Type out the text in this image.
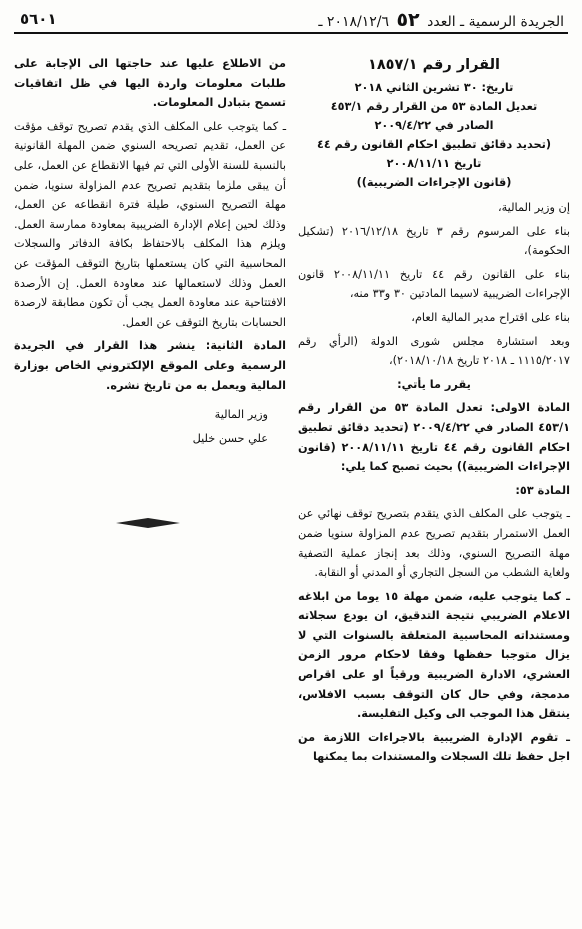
٥٦٠١	الجريدة الرسمية ـ العدد ٥٢ ٢٠١٨/١٢/٦ ـ
القرار رقم ١٨٥٧/١
تاريخ: ٣٠ تشرين الثاني ٢٠١٨
تعديل المادة ٥٣ من القرار رقم ٤٥٣/١
الصادر في ٢٠٠٩/٤/٢٢
(تحديد دقائق تطبيق احكام القانون رقم ٤٤
تاريخ ٢٠٠٨/١١/١١
(قانون الإجراءات الضريبية))

إن وزير المالية،

بناء على المرسوم رقم ٣ تاريخ ٢٠١٦/١٢/١٨ (تشكيل الحكومة)،

بناء على القانون رقم ٤٤ تاريخ ٢٠٠٨/١١/١١ قانون الإجراءات الضريبية لاسيما المادتين ٣٠ و٣٣ منه،

بناء على اقتراح مدير المالية العام،

وبعد استشارة مجلس شورى الدولة (الرأي رقم ١١١٥/٢٠١٧ ـ ٢٠١٨ تاريخ ٢٠١٨/١٠/١٨)،

يقرر ما يأتي:

المادة الاولى: تعدل المادة ٥٣ من القرار رقم ٤٥٣/١ الصادر في ٢٠٠٩/٤/٢٢ (تحديد دقائق تطبيق احكام القانون رقم ٤٤ تاريخ ٢٠٠٨/١١/١١ (قانون الإجراءات الضريبية)) بحيث تصبح كما يلي:

المادة ٥٣:

ـ يتوجب على المكلف الذي يتقدم بتصريح توقف نهائي عن العمل الاستمرار بتقديم تصريح عدم المزاولة سنويا ضمن مهلة التصريح السنوي، وذلك بعد إنجاز عملية التصفية ولغاية الشطب من السجل التجاري أو المدني أو النقابة.

ـ كما يتوجب عليه، ضمن مهلة ١٥ يوما من ابلاغه الاعلام الضريبي نتيجة التدقيق، ان يودع سجلاته ومستنداته المحاسبية المتعلقة بالسنوات التي لا يزال متوجبا حفظها وفقا لاحكام مرور الزمن العشري، الادارة الضريبية ورقياً او على اقراص مدمجة، وفي حال كان التوقف بسبب الافلاس، ينتقل هذا الموجب الى وكيل التفليسة.

ـ تقوم الإدارة الضريبية بالاجراءات اللازمة من اجل حفظ تلك السجلات والمستندات بما يمكنها

من الاطلاع عليها عند حاجتها الى الإجابة على طلبات معلومات واردة اليها في ظل اتفاقيات تسمح بتبادل المعلومات.

ـ كما يتوجب على المكلف الذي يقدم تصريح توقف مؤقت عن العمل، تقديم تصريحه السنوي ضمن المهلة القانونية بالنسبة للسنة الأولى التي تم فيها الانقطاع عن العمل، على أن يبقى ملزما بتقديم تصريح عدم المزاولة سنويا، ضمن مهلة التصريح السنوي، طيلة فترة انقطاعه عن العمل، وذلك لحين إعلام الإدارة الضريبية بمعاودة ممارسة العمل. ويلزم هذا المكلف بالاحتفاظ بكافة الدفاتر والسجلات المحاسبية التي كان يستعملها بتاريخ التوقف المؤقت عن العمل وذلك لاستعمالها عند معاودة العمل. إن الأرصدة الافتتاحية عند معاودة العمل يجب أن تكون مطابقة لارصدة الحسابات بتاريخ التوقف عن العمل.

المادة الثانية: ينشر هذا القرار في الجريدة الرسمية وعلى الموقع الإلكتروني الخاص بوزارة المالية ويعمل به من تاريخ نشره.

وزير المالية

علي حسن خليل
